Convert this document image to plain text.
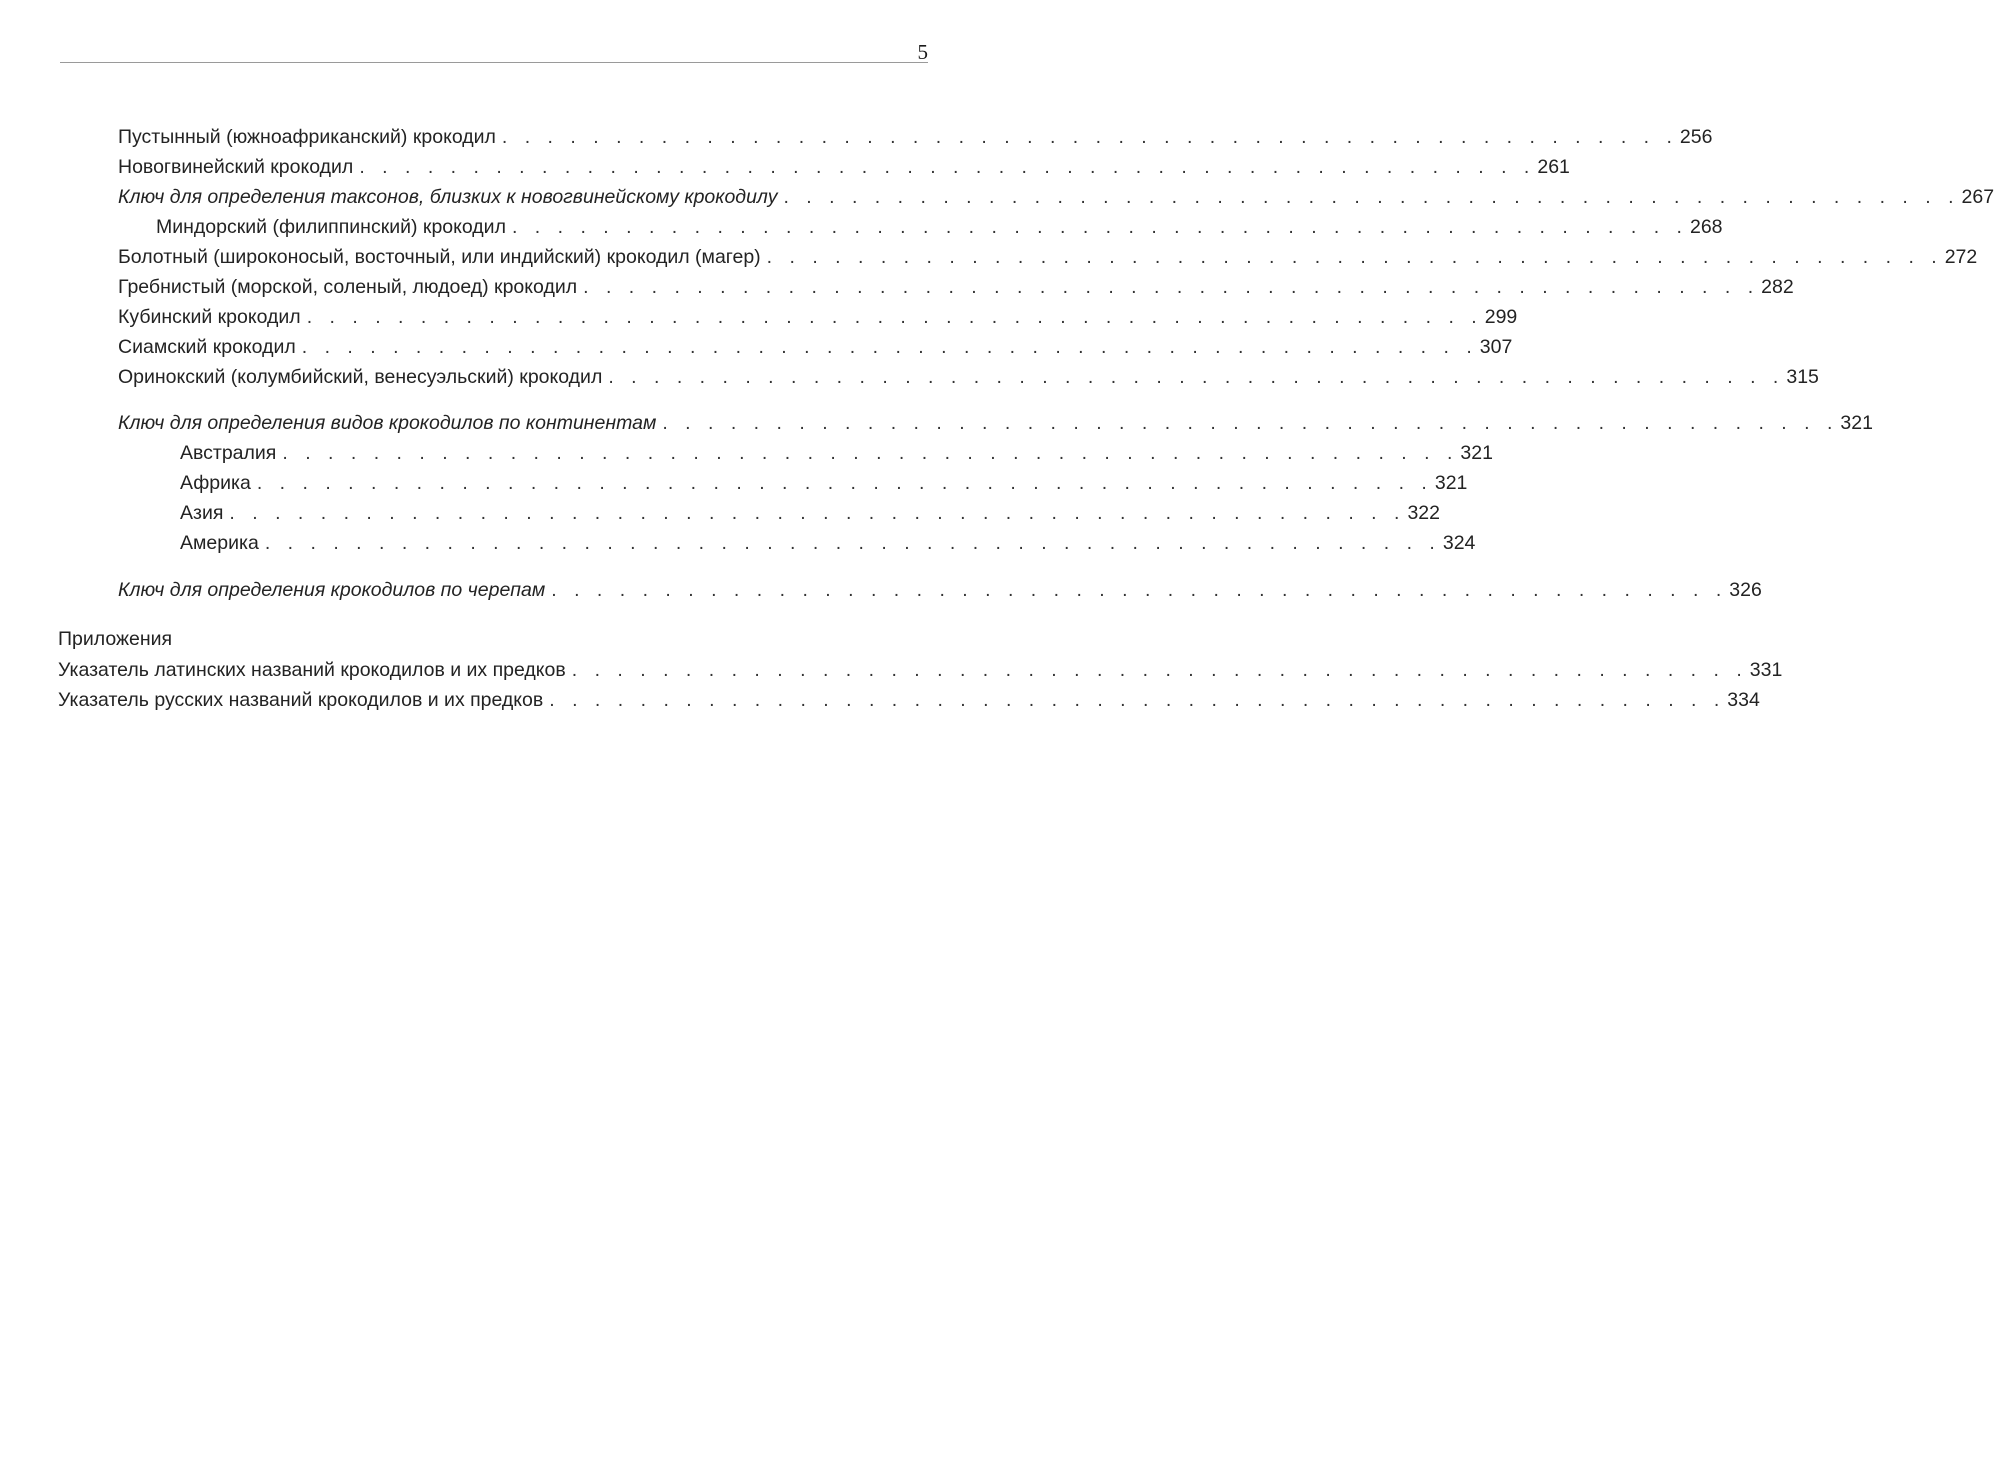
5
Пустынный (южноафриканский) крокодил . . . . . . . . . . . . . . . . . . . . . . . . . . . . . . . . . . . . . . . . . . . . . . . . . . . . 256
Новогвинейский крокодил . . . . . . . . . . . . . . . . . . . . . . . . . . . . . . . . . . . . . . . . . . . . . . . . . . . . 261
Ключ для определения таксонов, близких к новогвинейскому крокодилу . . . . . . . . . . . . . . . . . . . . . . . . . . . . . . . . . . . . . . . . . . . . . . . . . . . . 267
Миндорский (филиппинский) крокодил . . . . . . . . . . . . . . . . . . . . . . . . . . . . . . . . . . . . . . . . . . . . . . . . . . . . 268
Болотный (широконосый, восточный, или индийский) крокодил (магер) . . . . . . . . . . . . . . . . . . . . . . . . . . . . . . . . . . . . . . . . . . . . . . . . . . . . 272
Гребнистый (морской, соленый, людоед) крокодил . . . . . . . . . . . . . . . . . . . . . . . . . . . . . . . . . . . . . . . . . . . . . . . . . . . . 282
Кубинский крокодил . . . . . . . . . . . . . . . . . . . . . . . . . . . . . . . . . . . . . . . . . . . . . . . . . . . . 299
Сиамский крокодил . . . . . . . . . . . . . . . . . . . . . . . . . . . . . . . . . . . . . . . . . . . . . . . . . . . . 307
Оринокский (колумбийский, венесуэльский) крокодил . . . . . . . . . . . . . . . . . . . . . . . . . . . . . . . . . . . . . . . . . . . . . . . . . . . . 315
Ключ для определения видов крокодилов по континентам . . . . . . . . . . . . . . . . . . . . . . . . . . . . . . . . . . . . . . . . . . . . . . . . . . . . 321
Австралия . . . . . . . . . . . . . . . . . . . . . . . . . . . . . . . . . . . . . . . . . . . . . . . . . . . . 321
Африка . . . . . . . . . . . . . . . . . . . . . . . . . . . . . . . . . . . . . . . . . . . . . . . . . . . . 321
Азия . . . . . . . . . . . . . . . . . . . . . . . . . . . . . . . . . . . . . . . . . . . . . . . . . . . . 322
Америка . . . . . . . . . . . . . . . . . . . . . . . . . . . . . . . . . . . . . . . . . . . . . . . . . . . . 324
Ключ для определения крокодилов по черепам . . . . . . . . . . . . . . . . . . . . . . . . . . . . . . . . . . . . . . . . . . . . . . . . . . . . 326
Приложения
Указатель латинских названий крокодилов и их предков . . . . . . . . . . . . . . . . . . . . . . . . . . . . . . . . . . . . . . . . . . . . . . . . . . . . 331
Указатель русских названий крокодилов и их предков . . . . . . . . . . . . . . . . . . . . . . . . . . . . . . . . . . . . . . . . . . . . . . . . . . . . 334
